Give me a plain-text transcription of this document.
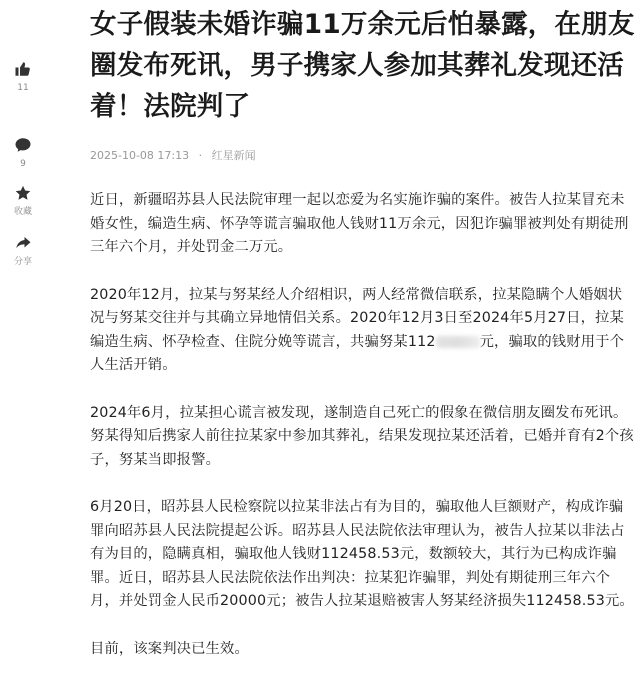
11
9
收藏
分享
女子假装未婚诈骗11万余元后怕暴露，在朋友圈发布死讯，男子携家人参加其葬礼发现还活着！法院判了
2025-10-08 17:13 · 红星新闻

近日，新疆昭苏县人民法院审理一起以恋爱为名实施诈骗的案件。被告人拉某冒充未婚女性，编造生病、怀孕等谎言骗取他人钱财11万余元，因犯诈骗罪被判处有期徒刑三年六个月，并处罚金二万元。

2020年12月，拉某与努某经人介绍相识，两人经常微信联系，拉某隐瞒个人婚姻状况与努某交往并与其确立异地情侣关系。2020年12月3日至2024年5月27日，拉某编造生病、怀孕检查、住院分娩等谎言，共骗努某112	元，骗取的钱财用于个人生活开销。

2024年6月，拉某担心谎言被发现，遂制造自己死亡的假象在微信朋友圈发布死讯。努某得知后携家人前往拉某家中参加其葬礼，结果发现拉某还活着，已婚并育有2个孩子，努某当即报警。

6月20日，昭苏县人民检察院以拉某非法占有为目的，骗取他人巨额财产，构成诈骗罪向昭苏县人民法院提起公诉。昭苏县人民法院依法审理认为，被告人拉某以非法占有为目的，隐瞒真相，骗取他人钱财112458.53元，数额较大，其行为已构成诈骗罪。近日，昭苏县人民法院依法作出判决：拉某犯诈骗罪，判处有期徒刑三年六个月，并处罚金人民币20000元；被告人拉某退赔被害人努某经济损失112458.53元。

目前，该案判决已生效。
